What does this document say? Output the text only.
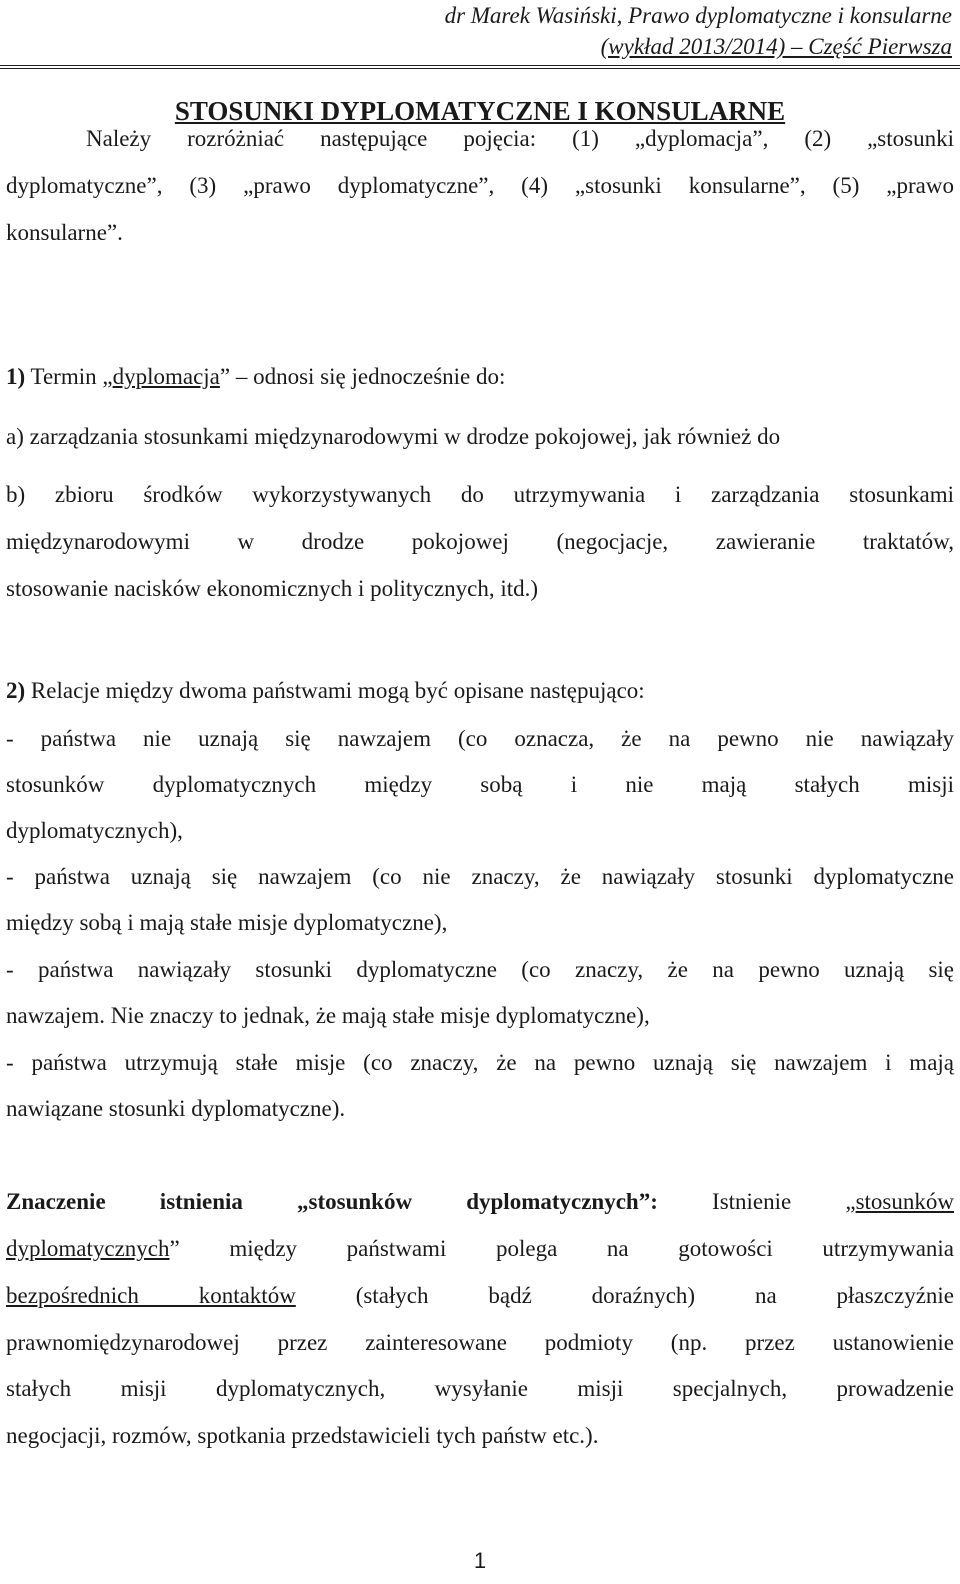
dr Marek Wasiński, Prawo dyplomatyczne i konsularne
(wykład 2013/2014) – Część Pierwsza
STOSUNKI DYPLOMATYCZNE I KONSULARNE
Należy rozróżniać następujące pojęcia: (1) „dyplomacja”, (2) „stosunki
dyplomatyczne”, (3) „prawo dyplomatyczne”, (4) „stosunki konsularne”, (5) „prawo
konsularne”.
1) Termin „dyplomacja” – odnosi się jednocześnie do:
a) zarządzania stosunkami międzynarodowymi w drodze pokojowej, jak również do
b) zbioru środków wykorzystywanych do utrzymywania i zarządzania stosunkami
międzynarodowymi w drodze pokojowej (negocjacje, zawieranie traktatów,
stosowanie nacisków ekonomicznych i politycznych, itd.)
2) Relacje między dwoma państwami mogą być opisane następująco:
- państwa nie uznają się nawzajem (co oznacza, że na pewno nie nawiązały
stosunków dyplomatycznych między sobą i nie mają stałych misji
dyplomatycznych),
- państwa uznają się nawzajem (co nie znaczy, że nawiązały stosunki dyplomatyczne
między sobą i mają stałe misje dyplomatyczne),
- państwa nawiązały stosunki dyplomatyczne (co znaczy, że na pewno uznają się
nawzajem. Nie znaczy to jednak, że mają stałe misje dyplomatyczne),
- państwa utrzymują stałe misje (co znaczy, że na pewno uznają się nawzajem i mają
nawiązane stosunki dyplomatyczne).
Znaczenie istnienia „stosunków dyplomatycznych”: Istnienie „stosunków
dyplomatycznych” między państwami polega na gotowości utrzymywania
bezpośrednich kontaktów	(stałych bądź doraźnych) na płaszczyźnie
prawnomiędzynarodowej przez zainteresowane podmioty (np. przez ustanowienie
stałych misji dyplomatycznych, wysyłanie misji specjalnych, prowadzenie
negocjacji, rozmów, spotkania przedstawicieli tych państw etc.).
1
